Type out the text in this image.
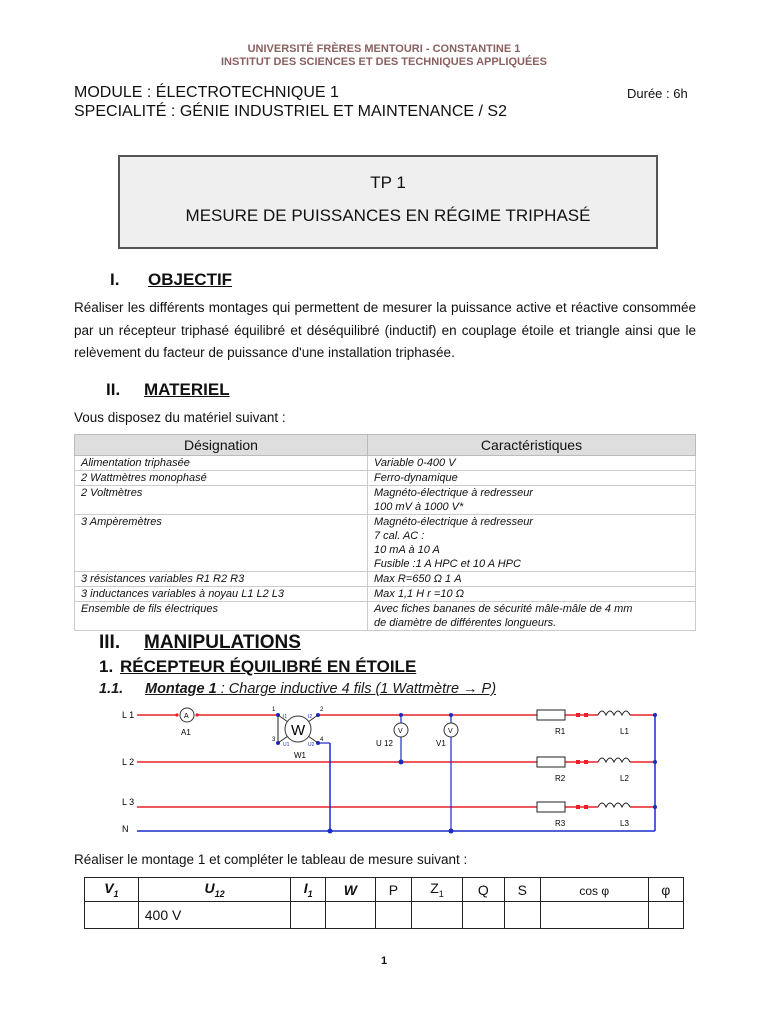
UNIVERSITÉ FRÈRES MENTOURI - CONSTANTINE 1
INSTITUT DES SCIENCES ET DES TECHNIQUES APPLIQUÉES
MODULE : ÉLECTROTECHNIQUE 1
SPECIALITÉ : GÉNIE INDUSTRIEL ET MAINTENANCE / S2
Durée : 6h
TP 1
MESURE DE PUISSANCES EN RÉGIME TRIPHASÉ
I. OBJECTIF
Réaliser les différents montages qui permettent de mesurer la puissance active et réactive consommée par un récepteur triphasé équilibré et déséquilibré (inductif) en couplage étoile et triangle ainsi que le relèvement du facteur de puissance d'une installation triphasée.
II. MATERIEL
Vous disposez du matériel suivant :
Désignation	Caractéristiques

Alimentation triphasée	Variable 0-400 V

2 Wattmètres monophasé	Ferro-dynamique

2 Voltmètres	Magnéto-électrique à redresseur
100 mV à 1000 V*

3 Ampèremètres	Magnéto-électrique à redresseur
7 cal. AC :
10 mA à 10 A
Fusible :1 A HPC et 10 A HPC

3 résistances variables R1 R2 R3	Max R=650 Ω 1 A

3 inductances variables à noyau L1 L2 L3	Max 1,1 H r =10 Ω

Ensemble de fils électriques	Avec fiches bananes de sécurité mâle-mâle de 4 mm
de diamètre de différentes longueurs.
III. MANIPULATIONS
1. RÉCEPTEUR ÉQUILIBRÉ EN ÉTOILE
1.1. Montage 1 : Charge inductive 4 fils (1 Wattmètre → P)
L 1
L 2
L 3
N
A
A1	W
W1
1	2
3	4
I1	I2
U1	U2
V
U 12
V
V1
R1	L1
R2	L2
R3	L3
Réaliser le montage 1 et compléter le tableau de mesure suivant :
$V_1$	$U_{12}$	$I_1$	W	P	$Z_1$	Q	S	cos φ	φ
	400 V								
1
